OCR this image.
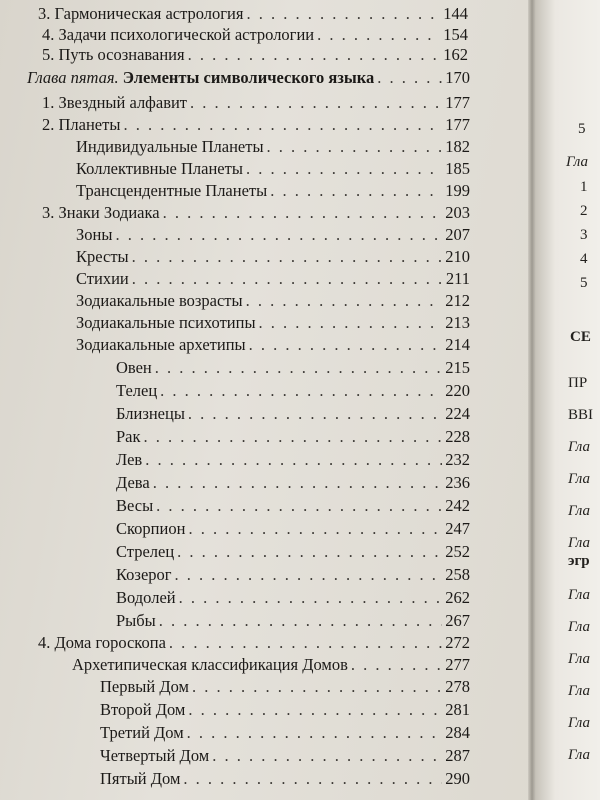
3. Гармоническая астрология . . .	144
4. Задачи психологической астрологии . . .	154
5. Путь осознавания . . .	162
Глава пятая. Элементы символического языка . . .	170
1. Звездный алфавит . . .	177
2. Планеты . . .	177
Индивидуальные Планеты . . .	182
Коллективные Планеты . . .	185
Трансцендентные Планеты . . .	199
3. Знаки Зодиака . . .	203
Зоны . . .	207
Кресты . . .	210
Стихии . . .	211
Зодиакальные возрасты . . .	212
Зодиакальные психотипы . . .	213
Зодиакальные архетипы . . .	214
Овен . . .	215
Телец . . .	220
Близнецы . . .	224
Рак . . .	228
Лев . . .	232
Дева . . .	236
Весы . . .	242
Скорпион . . .	247
Стрелец . . .	252
Козерог . . .	258
Водолей . . .	262
Рыбы . . .	267
4. Дома гороскопа . . .	272
Архетипическая классификация Домов . . .	277
Первый Дом . . .	278
Второй Дом . . .	281
Третий Дом . . .	284
Четвертый Дом . . .	287
Пятый Дом . . .	290
5
Гла
1
2
3
4
5
СЕ
ПР
ВВІ
Гла
Гла
Гла
Гла
эгр
Гла
Гла
Гла
Гла
Гла
Гла
